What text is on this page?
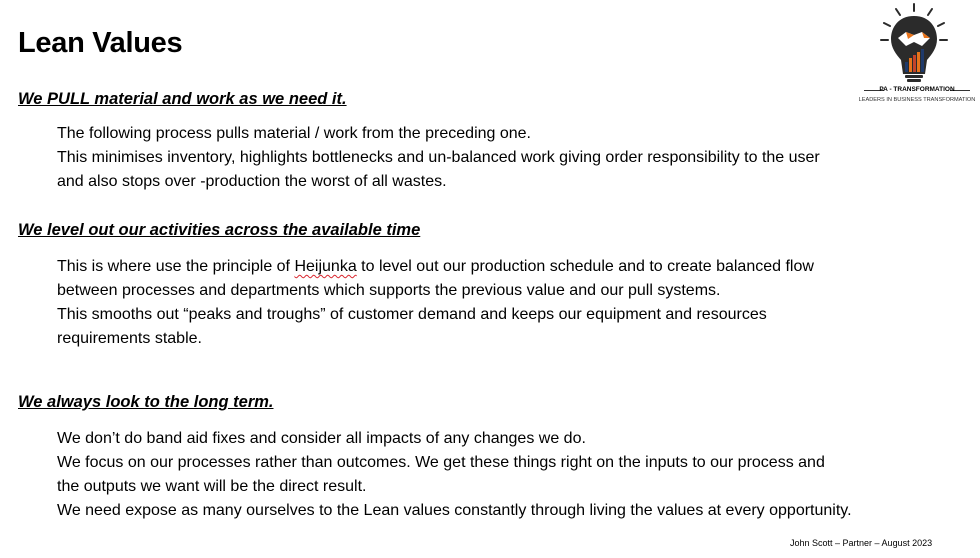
Lean Values
PA - TRANSFORMATION
LEADERS IN BUSINESS TRANSFORMATION

We PULL material and work as we need it.

The following process pulls material / work from the preceding one.
This minimises inventory, highlights bottlenecks and un-balanced work giving order responsibility to the user
and also stops over -production the worst of all wastes.

We level out our activities across the available time

This is where use the principle of Heijunka to level out our production schedule and to create balanced flow
between processes and departments which supports the previous value and our pull systems.
This smooths out “peaks and troughs” of customer demand and keeps our equipment and resources
requirements stable.

We always look to the long term.

We don’t do band aid fixes and consider all impacts of any changes we do.
We focus on our processes rather than outcomes. We get these things right on the inputs to our process and
the outputs we want will be the direct result.
We need expose as many ourselves to the Lean values constantly through living the values at every opportunity.
John Scott – Partner – August 2023
